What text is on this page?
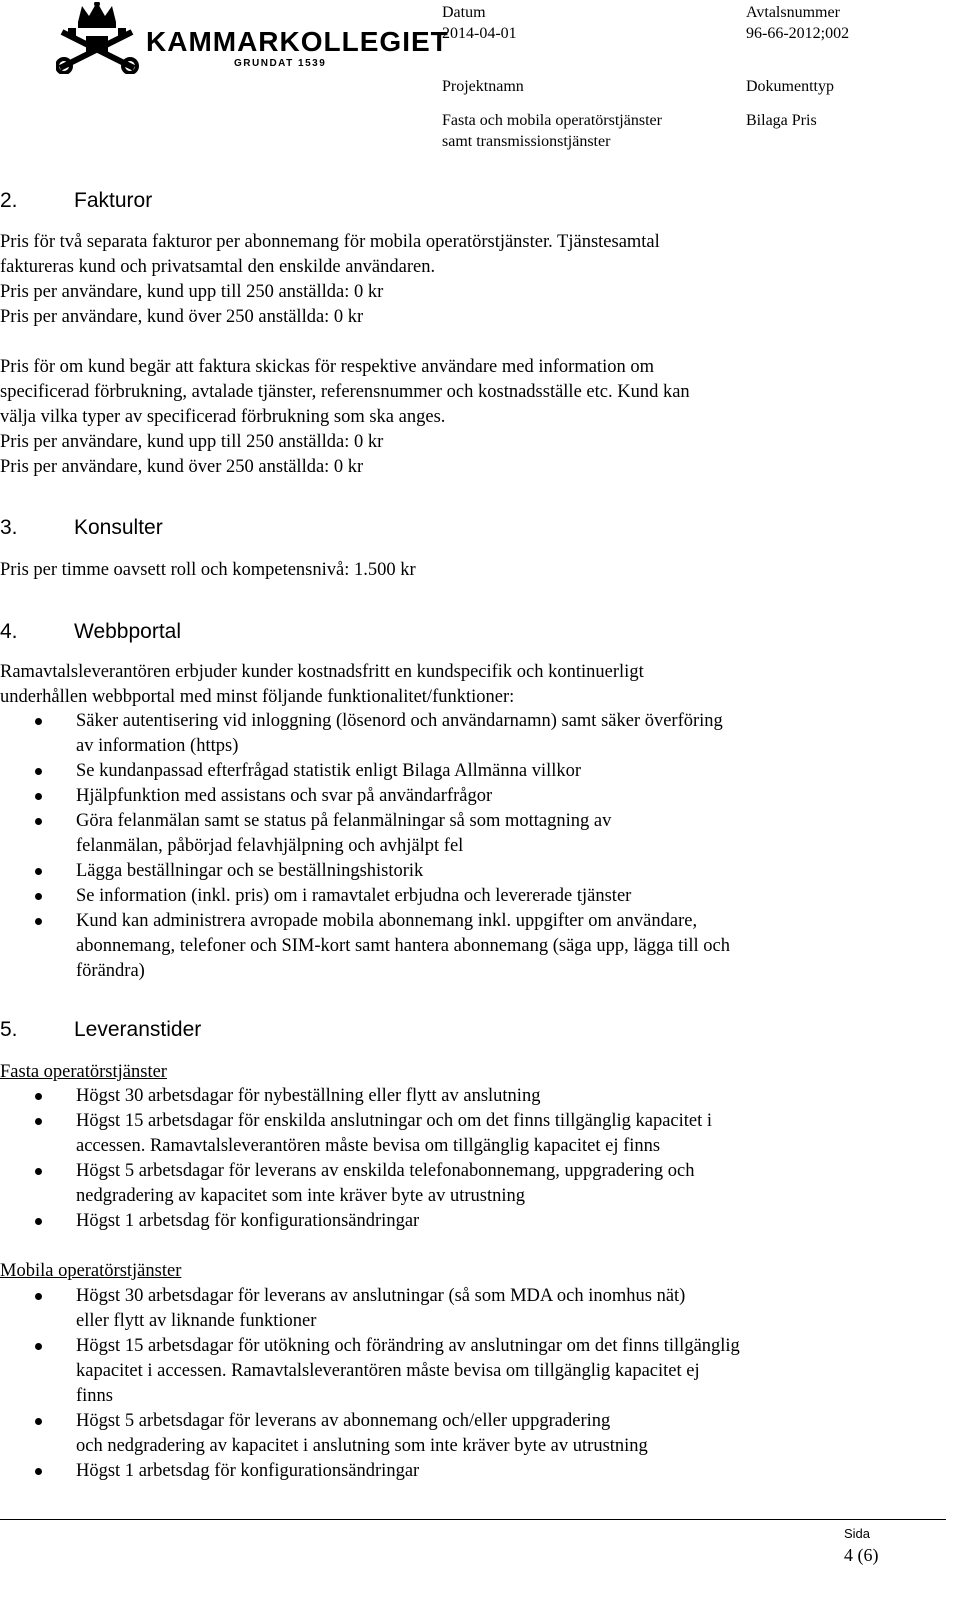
KAMMARKOLLEGIET
GRUNDAT 1539
Datum
2014-04-01
Avtalsnummer
96-66-2012;002
Projektnamn
Fasta och mobila operatörstjänster
samt transmissionstjänster
Dokumenttyp
Bilaga Pris
2.	Fakturor
Pris för två separata fakturor per abonnemang för mobila operatörstjänster. Tjänstesamtal
faktureras kund och privatsamtal den enskilde användaren.
Pris per användare, kund upp till 250 anställda: 0 kr
Pris per användare, kund över 250 anställda: 0 kr
Pris för om kund begär att faktura skickas för respektive användare med information om
specificerad förbrukning, avtalade tjänster, referensnummer och kostnadsställe etc. Kund kan
välja vilka typer av specificerad förbrukning som ska anges.
Pris per användare, kund upp till 250 anställda: 0 kr
Pris per användare, kund över 250 anställda: 0 kr
3.	Konsulter
Pris per timme oavsett roll och kompetensnivå: 1.500 kr
4.	Webbportal
Ramavtalsleverantören erbjuder kunder kostnadsfritt en kundspecifik och kontinuerligt
underhållen webbportal med minst följande funktionalitet/funktioner:
Säker autentisering vid inloggning (lösenord och användarnamn) samt säker överföring
av information (https)
Se kundanpassad efterfrågad statistik enligt Bilaga Allmänna villkor
Hjälpfunktion med assistans och svar på användarfrågor
Göra felanmälan samt se status på felanmälningar så som mottagning av
felanmälan, påbörjad felavhjälpning och avhjälpt fel
Lägga beställningar och se beställningshistorik
Se information (inkl. pris) om i ramavtalet erbjudna och levererade tjänster
Kund kan administrera avropade mobila abonnemang inkl. uppgifter om användare,
abonnemang, telefoner och SIM-kort samt hantera abonnemang (säga upp, lägga till och
förändra)
5.	Leveranstider
Fasta operatörstjänster
Högst 30 arbetsdagar för nybeställning eller flytt av anslutning
Högst 15 arbetsdagar för enskilda anslutningar och om det finns tillgänglig kapacitet i
accessen. Ramavtalsleverantören måste bevisa om tillgänglig kapacitet ej finns
Högst 5 arbetsdagar för leverans av enskilda telefonabonnemang, uppgradering och
nedgradering av kapacitet som inte kräver byte av utrustning
Högst 1 arbetsdag för konfigurationsändringar
Mobila operatörstjänster
Högst 30 arbetsdagar för leverans av anslutningar (så som MDA och inomhus nät)
eller flytt av liknande funktioner
Högst 15 arbetsdagar för utökning och förändring av anslutningar om det finns tillgänglig
kapacitet i accessen. Ramavtalsleverantören måste bevisa om tillgänglig kapacitet ej
finns
Högst 5 arbetsdagar för leverans av abonnemang och/eller uppgradering
och nedgradering av kapacitet i anslutning som inte kräver byte av utrustning
Högst 1 arbetsdag för konfigurationsändringar
Sida
4 (6)
